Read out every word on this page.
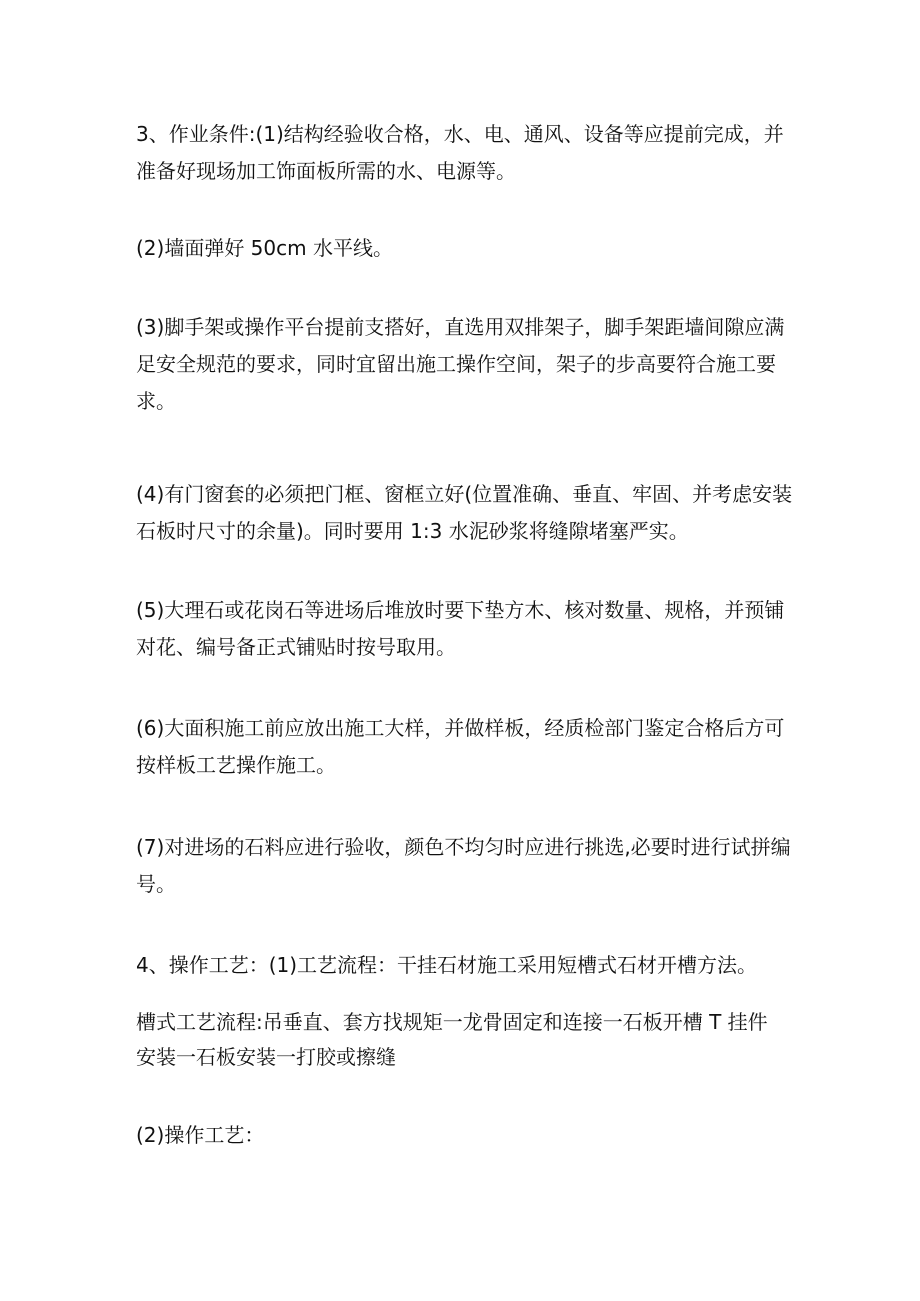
3、作业条件:(1)结构经验收合格，水、电、通风、设备等应提前完成，并
准备好现场加工饰面板所需的水、电源等。
(2)墙面弹好 50cm 水平线。
(3)脚手架或操作平台提前支搭好，直选用双排架子，脚手架距墙间隙应满
足安全规范的要求，同时宜留出施工操作空间，架子的步高要符合施工要
求。
(4)有门窗套的必须把门框、窗框立好(位置准确、垂直、牢固、并考虑安装
石板时尺寸的余量)。同时要用 1:3 水泥砂浆将缝隙堵塞严实。
(5)大理石或花岗石等进场后堆放时要下垫方木、核对数量、规格，并预铺
对花、编号备正式铺贴时按号取用。
(6)大面积施工前应放出施工大样，并做样板，经质检部门鉴定合格后方可
按样板工艺操作施工。
(7)对进场的石料应进行验收，颜色不均匀时应进行挑选,必要时进行试拼编
号。
4、操作工艺：(1)工艺流程：干挂石材施工采用短槽式石材开槽方法。
槽式工艺流程:吊垂直、套方找规矩一龙骨固定和连接一石板开槽 T 挂件
安装一石板安装一打胶或擦缝
(2)操作工艺：
